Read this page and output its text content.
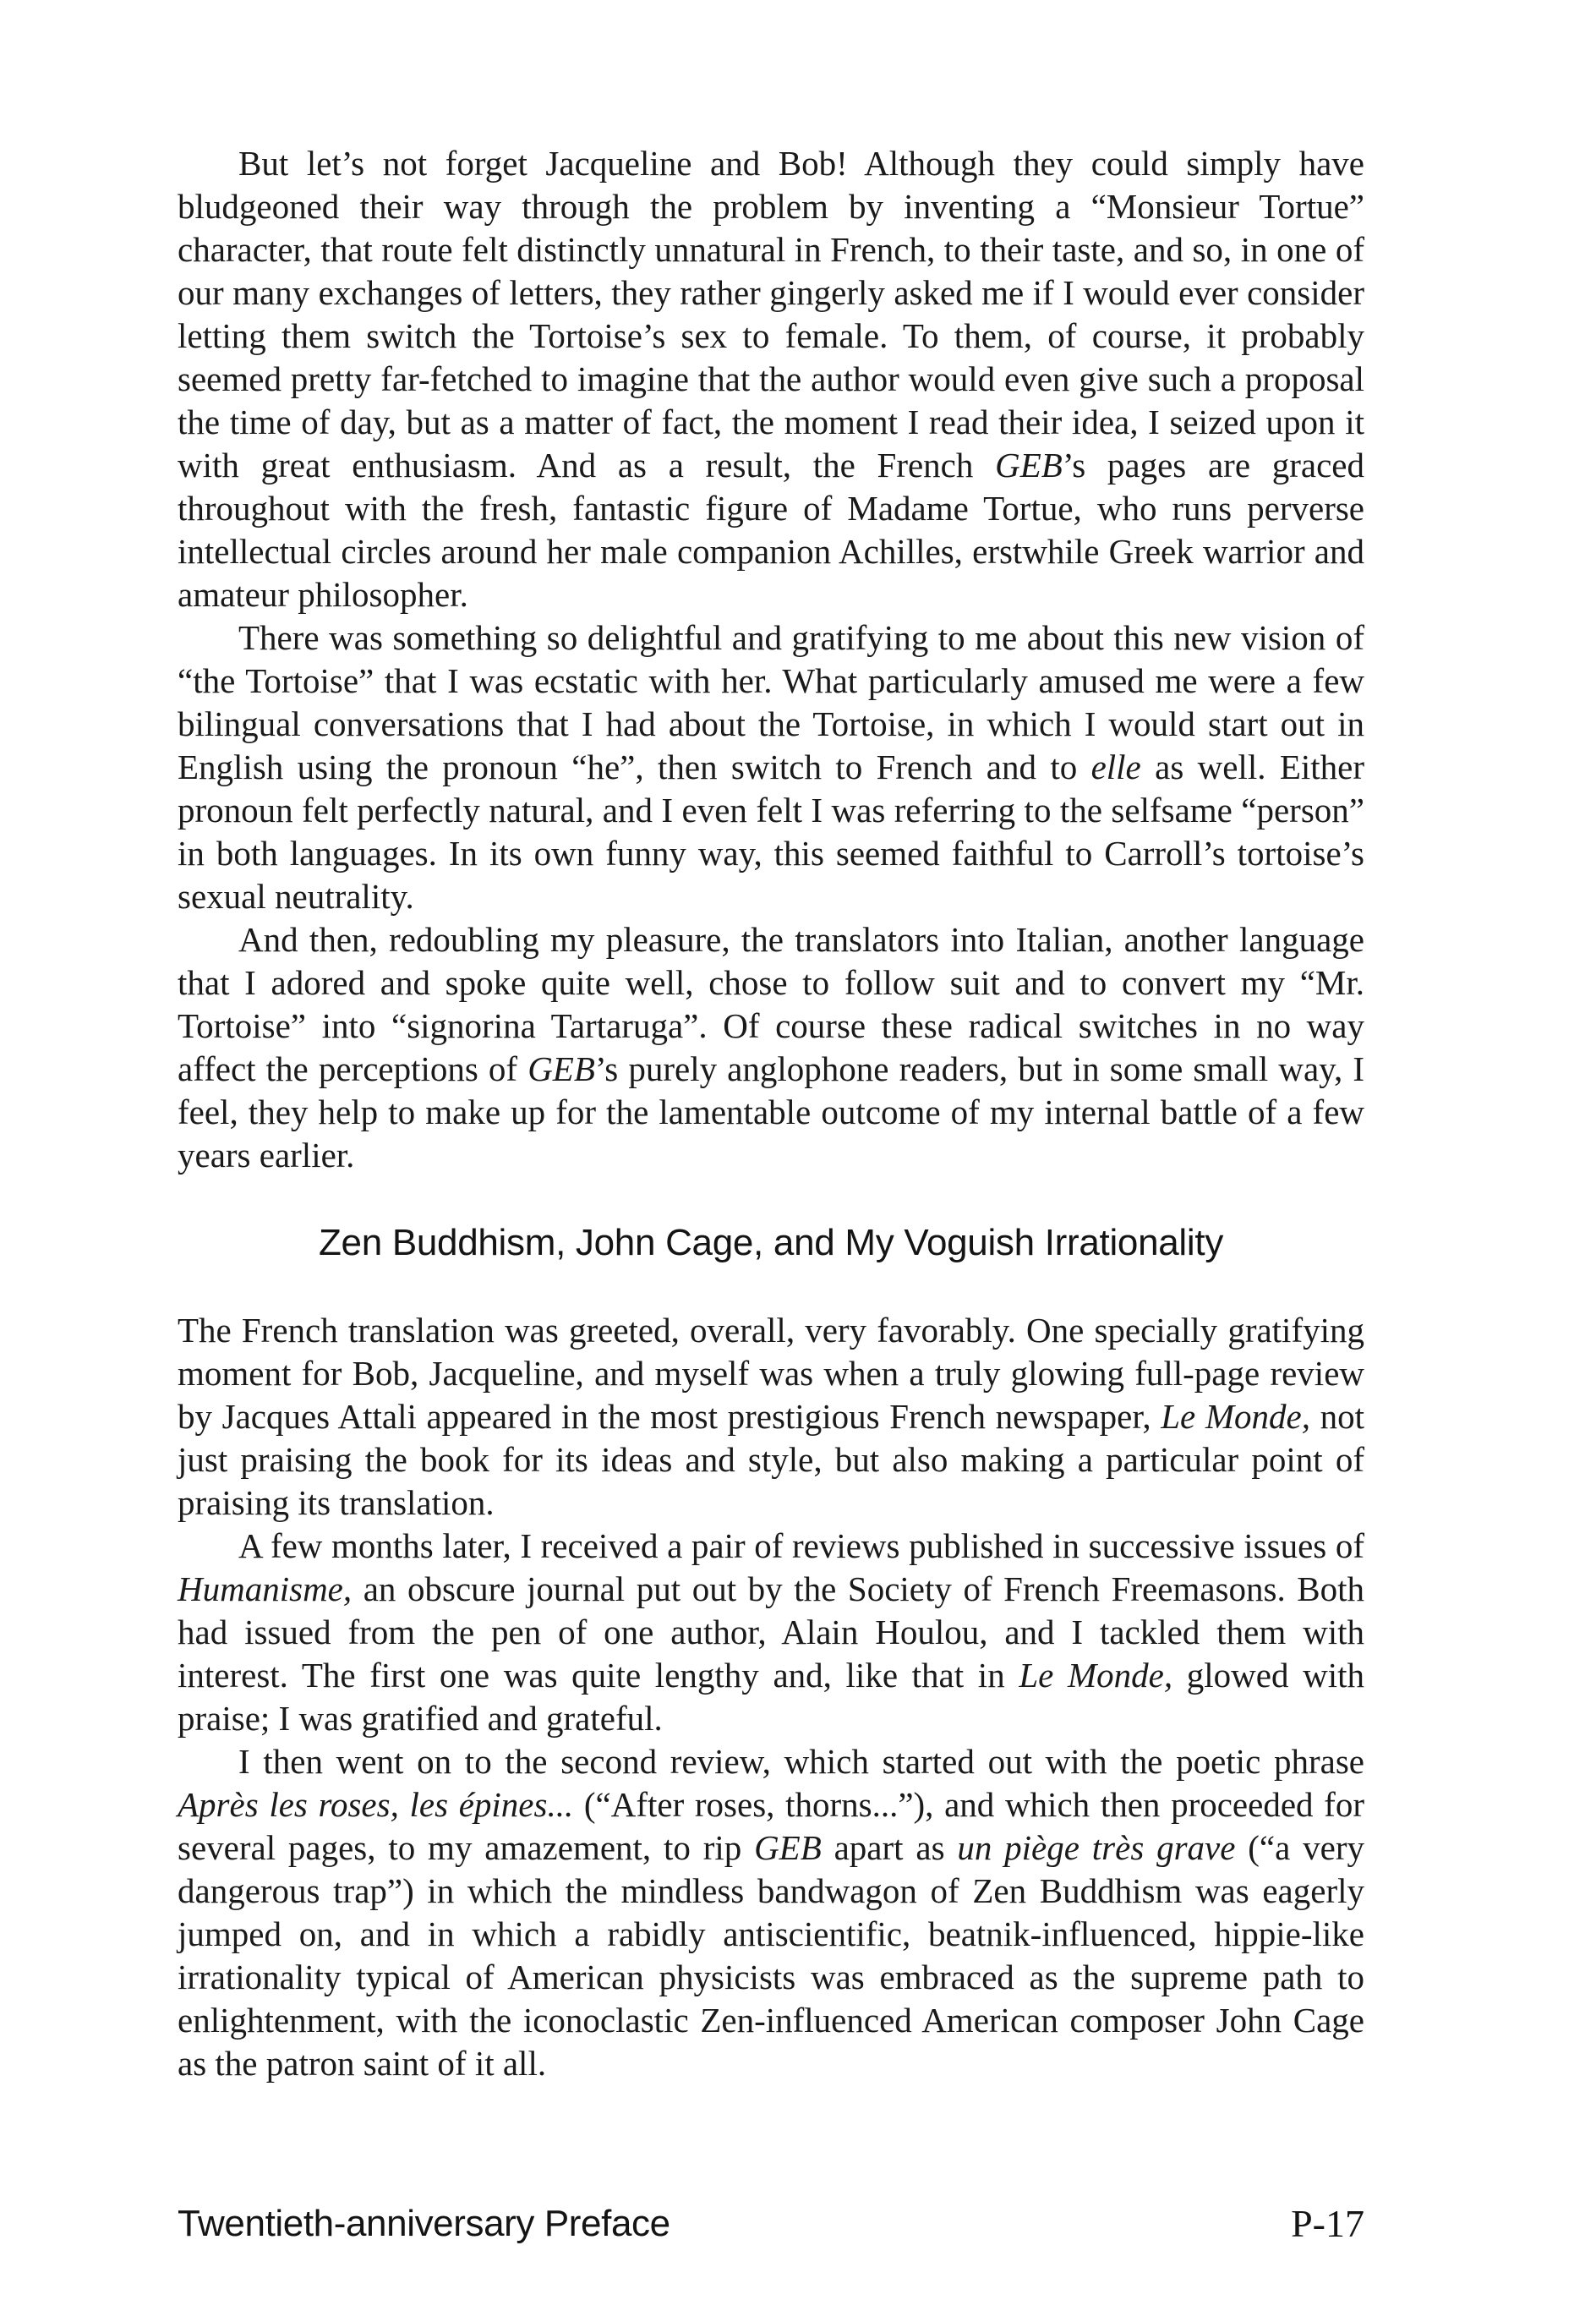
But let’s not forget Jacqueline and Bob! Although they could simply have bludgeoned their way through the problem by inventing a “Monsieur Tortue” character, that route felt distinctly unnatural in French, to their taste, and so, in one of our many exchanges of letters, they rather gingerly asked me if I would ever consider letting them switch the Tortoise’s sex to female. To them, of course, it probably seemed pretty far-fetched to imagine that the author would even give such a proposal the time of day, but as a matter of fact, the moment I read their idea, I seized upon it with great enthusiasm. And as a result, the French GEB’s pages are graced throughout with the fresh, fantastic figure of Madame Tortue, who runs perverse intellectual circles around her male companion Achilles, erstwhile Greek warrior and amateur philosopher.

There was something so delightful and gratifying to me about this new vision of “the Tortoise” that I was ecstatic with her. What particularly amused me were a few bilingual conversations that I had about the Tortoise, in which I would start out in English using the pronoun “he”, then switch to French and to elle as well. Either pronoun felt perfectly natural, and I even felt I was referring to the selfsame “person” in both languages. In its own funny way, this seemed faithful to Carroll’s tortoise’s sexual neutrality.

And then, redoubling my pleasure, the translators into Italian, another language that I adored and spoke quite well, chose to follow suit and to convert my “Mr. Tortoise” into “signorina Tartaruga”. Of course these radical switches in no way affect the perceptions of GEB’s purely anglophone readers, but in some small way, I feel, they help to make up for the lamentable outcome of my internal battle of a few years earlier.

Zen Buddhism, John Cage, and My Voguish Irrationality

The French translation was greeted, overall, very favorably. One specially gratifying moment for Bob, Jacqueline, and myself was when a truly glowing full-page review by Jacques Attali appeared in the most prestigious French newspaper, Le Monde, not just praising the book for its ideas and style, but also making a particular point of praising its translation.

A few months later, I received a pair of reviews published in successive issues of Humanisme, an obscure journal put out by the Society of French Freemasons. Both had issued from the pen of one author, Alain Houlou, and I tackled them with interest. The first one was quite lengthy and, like that in Le Monde, glowed with praise; I was gratified and grateful.

I then went on to the second review, which started out with the poetic phrase Après les roses, les épines... (“After roses, thorns...”), and which then proceeded for several pages, to my amazement, to rip GEB apart as un piège très grave (“a very dangerous trap”) in which the mindless bandwagon of Zen Buddhism was eagerly jumped on, and in which a rabidly antiscientific, beatnik-influenced, hippie-like irrationality typical of American physicists was embraced as the supreme path to enlightenment, with the iconoclastic Zen-influenced American composer John Cage as the patron saint of it all.

Twentieth-anniversary Preface	P-17
